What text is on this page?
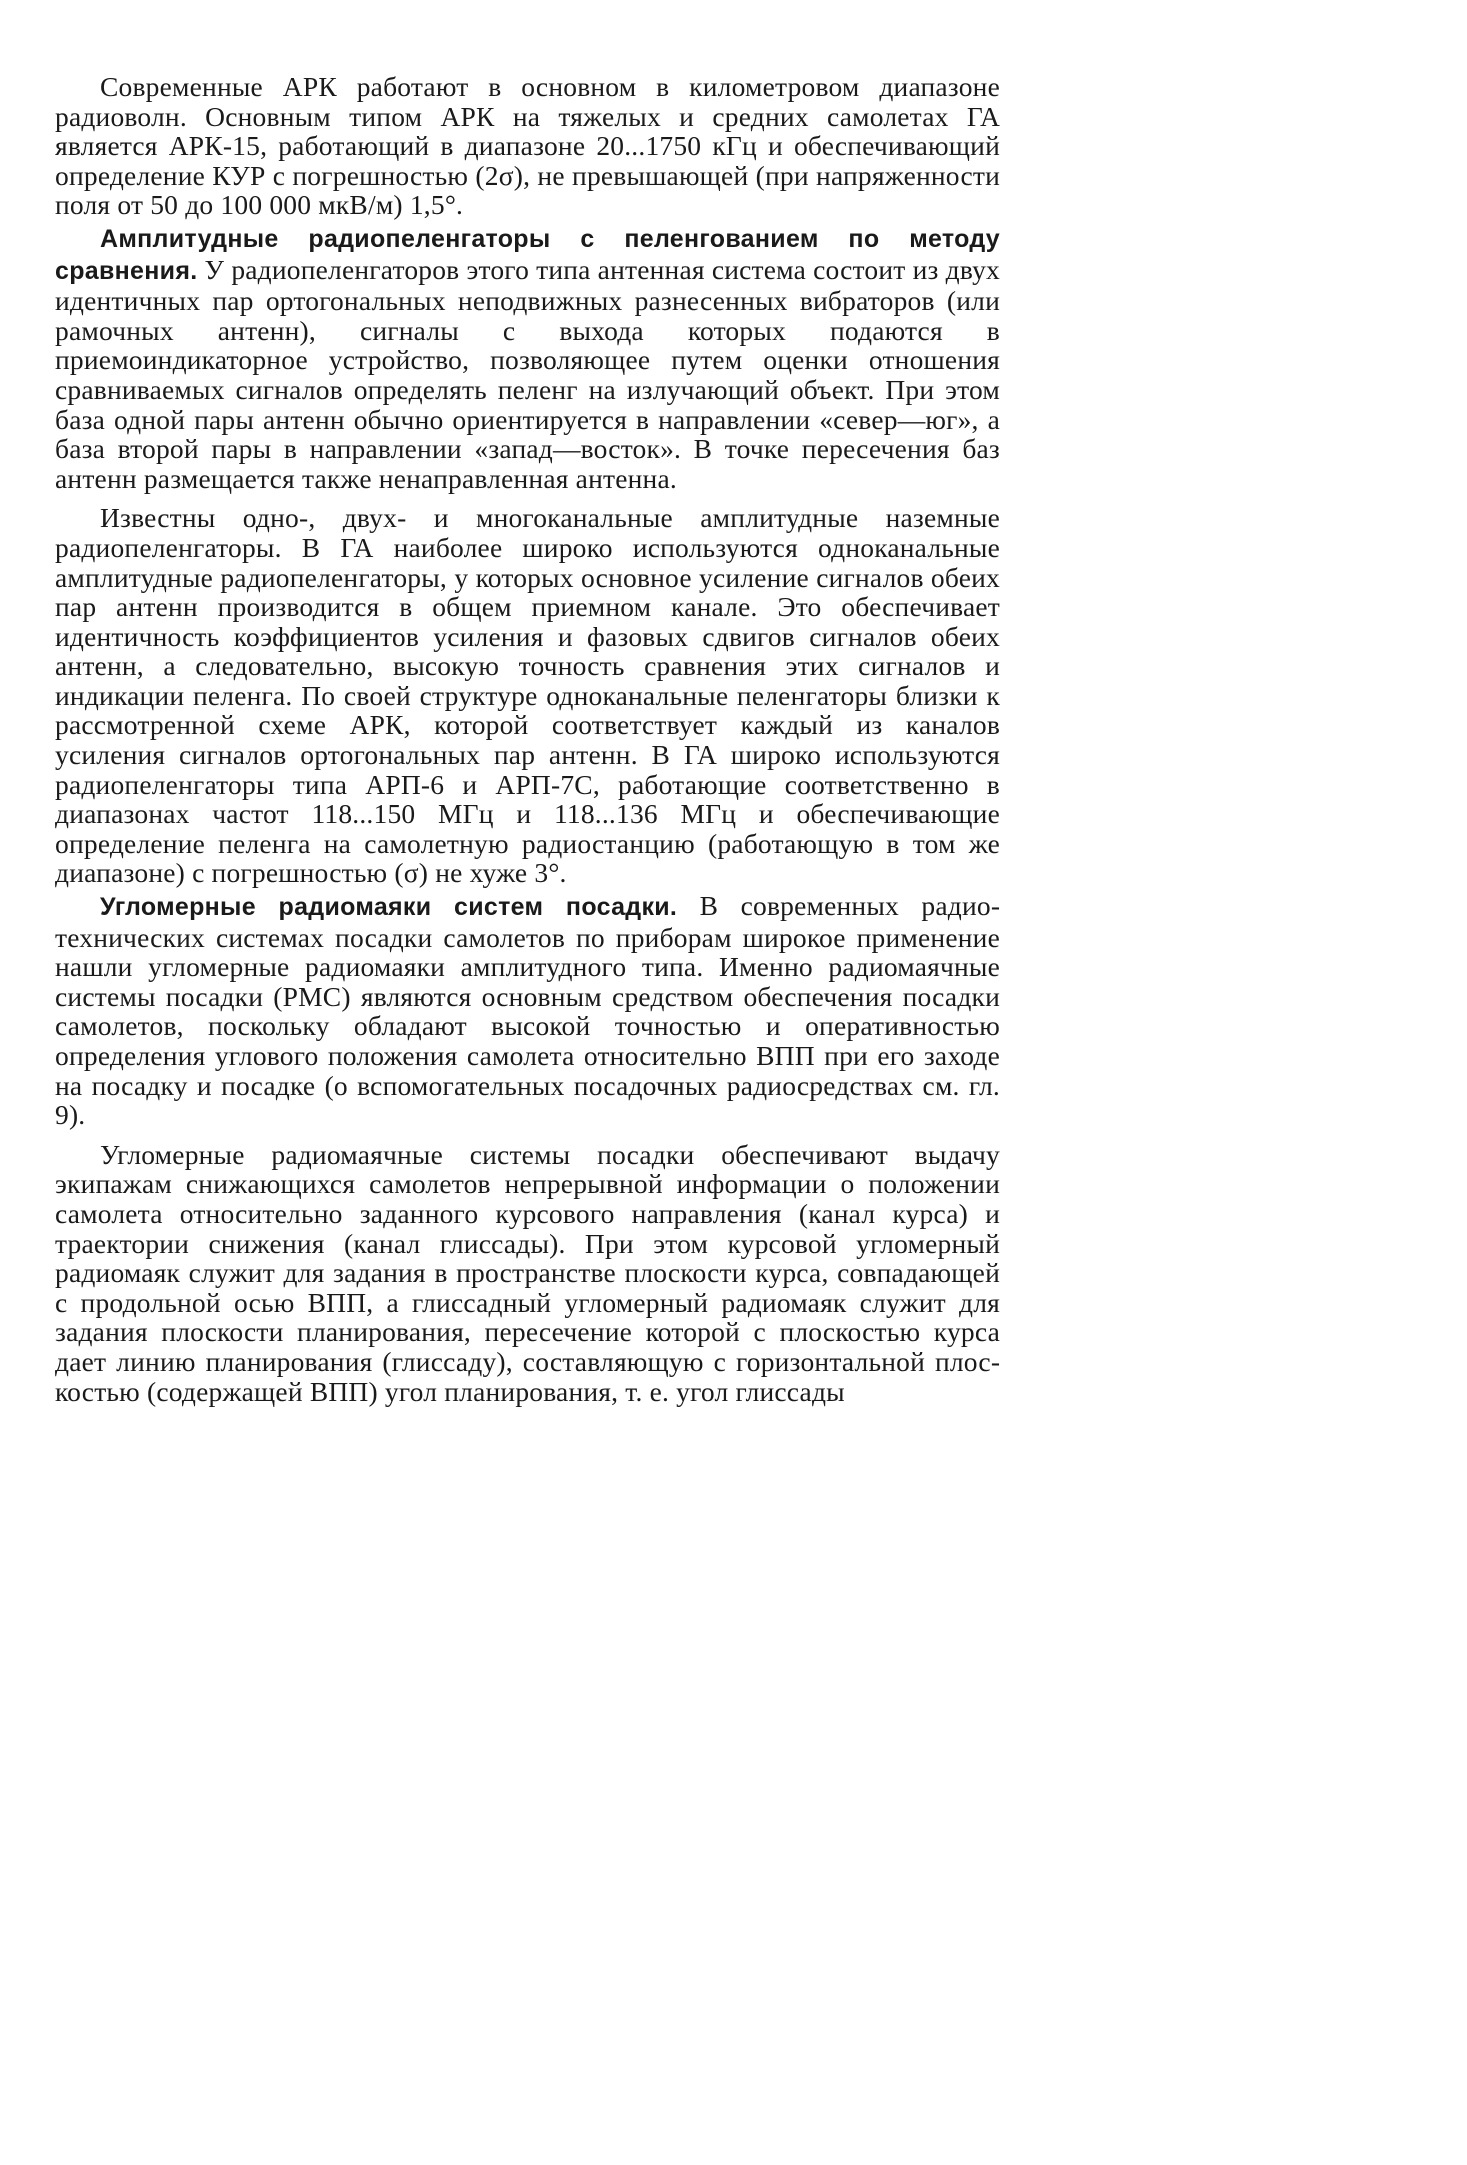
Современные АРК работают в основном в километровом диапазоне радиоволн. Основным типом АРК на тяжелых и средних самолетах ГА является АРК-15, работающий в диапазоне 20...1750 кГц и обеспечивающий определение КУР с погрешностью (2σ), не превышающей (при напряженности поля от 50 до 100 000 мкВ/м) 1,5°.

Амплитудные радиопеленгаторы с пеленгованием по методу сравнения. У радиопеленгаторов этого типа антенная система состоит из двух идентичных пар ортогональных неподвижных разнесенных вибраторов (или рамочных антенн), сигналы с выхода которых подаются в приемоиндикаторное устройство, позволяющее путем оценки отношения сравниваемых сигналов определять пеленг на излучающий объект. При этом база одной пары антенн обычно ориентируется в направлении «север—юг», а база второй пары в направлении «запад—восток». В точке пересечения баз антенн размещается также ненаправленная антенна.

Известны одно-, двух- и многоканальные амплитудные наземные радиопеленгаторы. В ГА наиболее широко используются одноканальные амплитудные радиопеленгаторы, у которых основное усиление сигналов обеих пар антенн производится в общем приемном канале. Это обеспечивает идентичность коэффициентов усиления и фазовых сдвигов сигналов обеих антенн, а следовательно, высокую точность сравнения этих сигналов и индикации пеленга. По своей структуре одноканальные пеленгаторы близки к рассмотренной схеме АРК, которой соответствует каждый из каналов усиления сигналов ортогональных пар антенн. В ГА широко используются радиопеленгаторы типа АРП-6 и АРП-7С, работающие соответственно в диапазонах частот 118...150 МГц и 118...136 МГц и обеспечивающие определение пеленга на самолетную радиостанцию (работающую в том же диапазоне) с погрешностью (σ) не хуже 3°.

Угломерные радиомаяки систем посадки. В современных радиотехнических системах посадки самолетов по приборам широкое применение нашли угломерные радиомаяки амплитудного типа. Именно радиомаячные системы посадки (РМС) являются основным средством обеспечения посадки самолетов, поскольку обладают высокой точностью и оперативностью определения углового положения самолета относительно ВПП при его заходе на посадку и посадке (о вспомогательных посадочных радиосредствах см. гл. 9).

Угломерные радиомаячные системы посадки обеспечивают выдачу экипажам снижающихся самолетов непрерывной информации о положении самолета относительно заданного курсового направления (канал курса) и траектории снижения (канал глиссады). При этом курсовой угломерный радиомаяк служит для задания в пространстве плоскости курса, совпадающей с продольной осью ВПП, а глиссадный угломерный радиомаяк служит для задания плоскости планирования, пересечение которой с плоскостью курса дает линию планирования (глиссаду), составляющую с горизонтальной плоскостью (содержащей ВПП) угол планирования, т. е. угол глиссады
